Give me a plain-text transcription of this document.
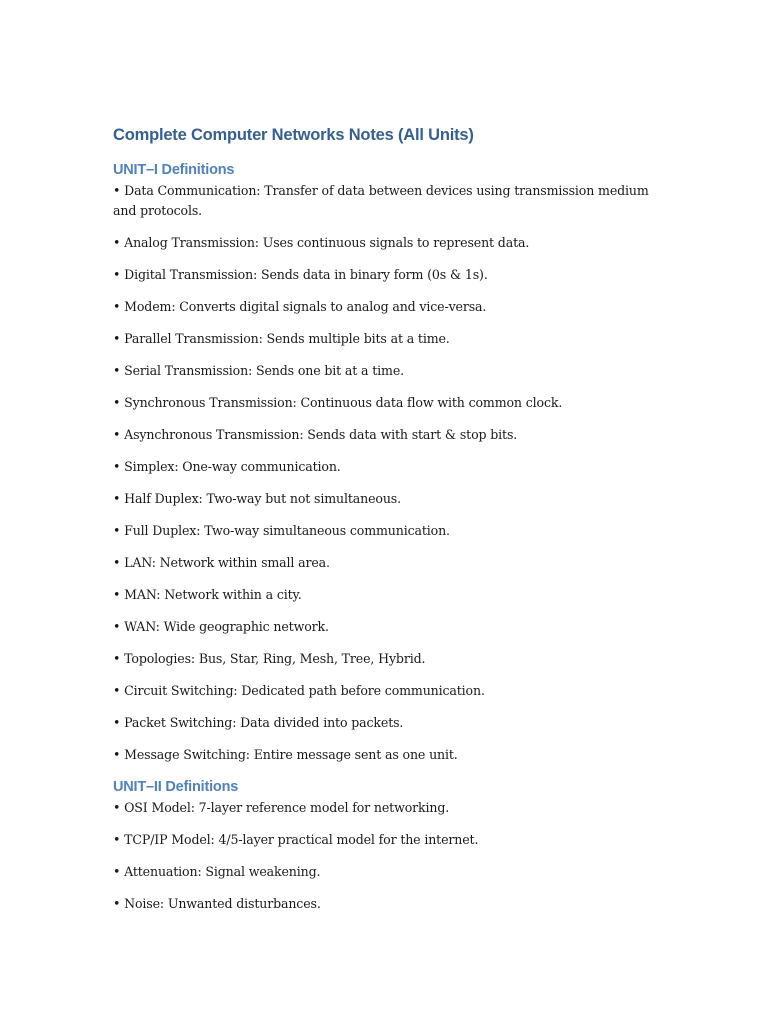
Complete Computer Networks Notes (All Units)
UNIT–I Definitions
• Data Communication: Transfer of data between devices using transmission medium and protocols.
• Analog Transmission: Uses continuous signals to represent data.
• Digital Transmission: Sends data in binary form (0s & 1s).
• Modem: Converts digital signals to analog and vice-versa.
• Parallel Transmission: Sends multiple bits at a time.
• Serial Transmission: Sends one bit at a time.
• Synchronous Transmission: Continuous data flow with common clock.
• Asynchronous Transmission: Sends data with start & stop bits.
• Simplex: One-way communication.
• Half Duplex: Two-way but not simultaneous.
• Full Duplex: Two-way simultaneous communication.
• LAN: Network within small area.
• MAN: Network within a city.
• WAN: Wide geographic network.
• Topologies: Bus, Star, Ring, Mesh, Tree, Hybrid.
• Circuit Switching: Dedicated path before communication.
• Packet Switching: Data divided into packets.
• Message Switching: Entire message sent as one unit.
UNIT–II Definitions
• OSI Model: 7-layer reference model for networking.
• TCP/IP Model: 4/5-layer practical model for the internet.
• Attenuation: Signal weakening.
• Noise: Unwanted disturbances.
